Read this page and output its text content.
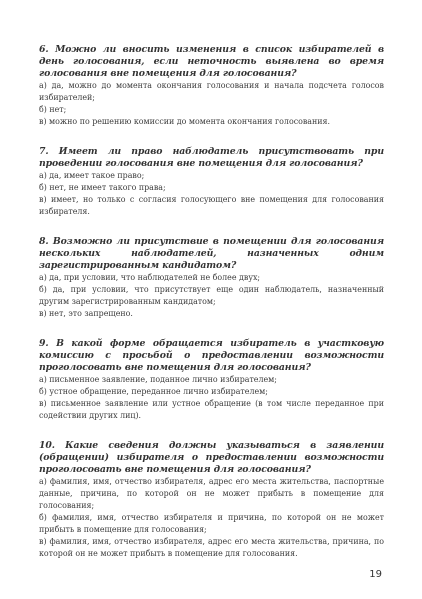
6. Можно ли вносить изменения в список избирателей в день голосования, если неточность выявлена во время голосования вне помещения для голосования?

а) да, можно до момента окончания голосования и начала подсчета голосов избирателей;

б) нет;

в) можно по решению комиссии до момента окончания голосования.

7. Имеет ли право наблюдатель присутствовать при проведении голосования вне помещения для голосования?

а) да, имеет такое право;

б) нет, не имеет такого права;

в) имеет, но только с согласия голосующего вне помещения для голосования избирателя.

8. Возможно ли присутствие в помещении для голосования нескольких наблюдателей, назначенных одним зарегистрированным кандидатом?

а) да, при условии, что наблюдателей не более двух;

б) да, при условии, что присутствует еще один наблюдатель, назначенный другим зарегистрированным кандидатом;

в) нет, это запрещено.

9. В какой форме обращается избиратель в участковую комиссию с просьбой о предоставлении возможности проголосовать вне помещения для голосования?

а) письменное заявление, поданное лично избирателем;

б) устное обращение, переданное лично избирателем;

в) письменное заявление или устное обращение (в том числе переданное при содействии других лиц).

10. Какие сведения должны указываться в заявлении (обращении) избирателя о предоставлении возможности проголосовать вне помещения для голосования?

а) фамилия, имя, отчество избирателя, адрес его места жительства, паспортные данные, причина, по которой он не может прибыть в помещение для голосования;

б) фамилия, имя, отчество избирателя и причина, по которой он не может прибыть в помещение для голосования;

в) фамилия, имя, отчество избирателя, адрес его места жительства, причина, по которой он не может прибыть в помещение для голосования.

19
